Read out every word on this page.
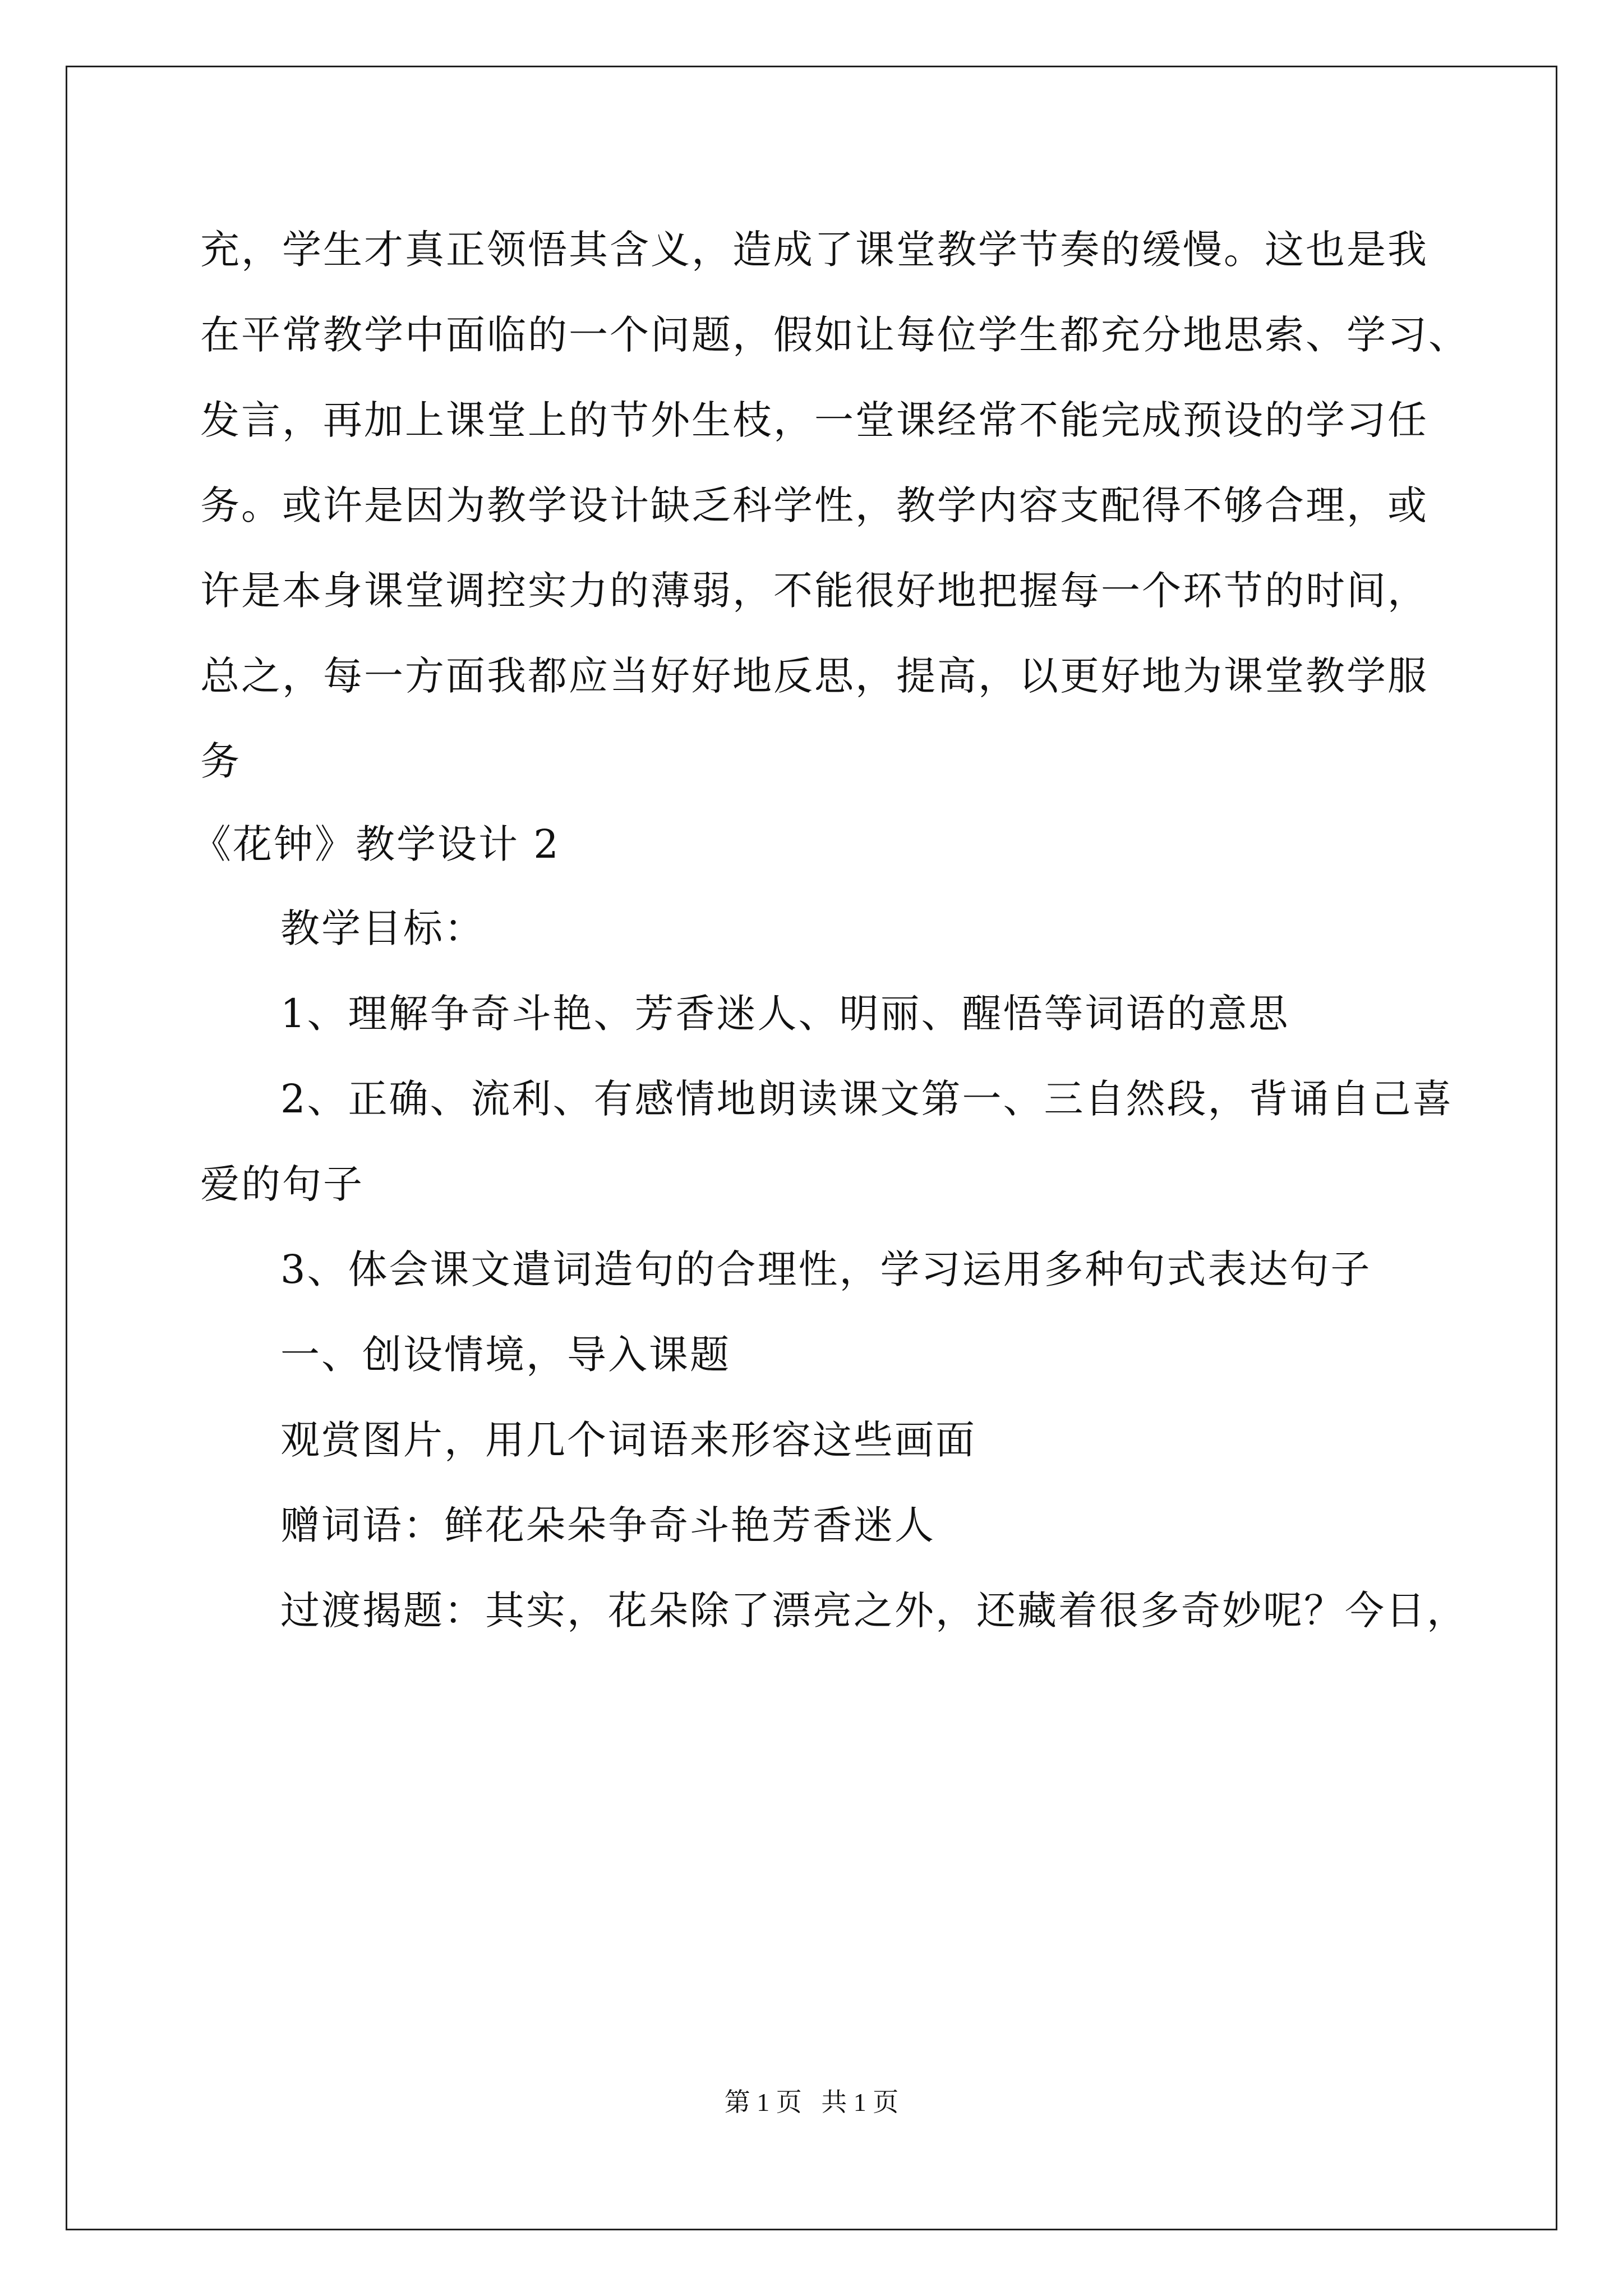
充，学生才真正领悟其含义，造成了课堂教学节奏的缓慢。这也是我
在平常教学中面临的一个问题，假如让每位学生都充分地思索、学习、
发言，再加上课堂上的节外生枝，一堂课经常不能完成预设的学习任
务。或许是因为教学设计缺乏科学性，教学内容支配得不够合理，或
许是本身课堂调控实力的薄弱，不能很好地把握每一个环节的时间，
总之，每一方面我都应当好好地反思，提高，以更好地为课堂教学服
务
《花钟》教学设计 2
教学目标：
1、理解争奇斗艳、芳香迷人、明丽、醒悟等词语的意思
2、正确、流利、有感情地朗读课文第一、三自然段，背诵自己喜
爱的句子
3、体会课文遣词造句的合理性，学习运用多种句式表达句子
一、创设情境，导入课题
观赏图片，用几个词语来形容这些画面
赠词语：鲜花朵朵争奇斗艳芳香迷人
过渡揭题：其实，花朵除了漂亮之外，还藏着很多奇妙呢？今日，
第 1 页   共 1 页
